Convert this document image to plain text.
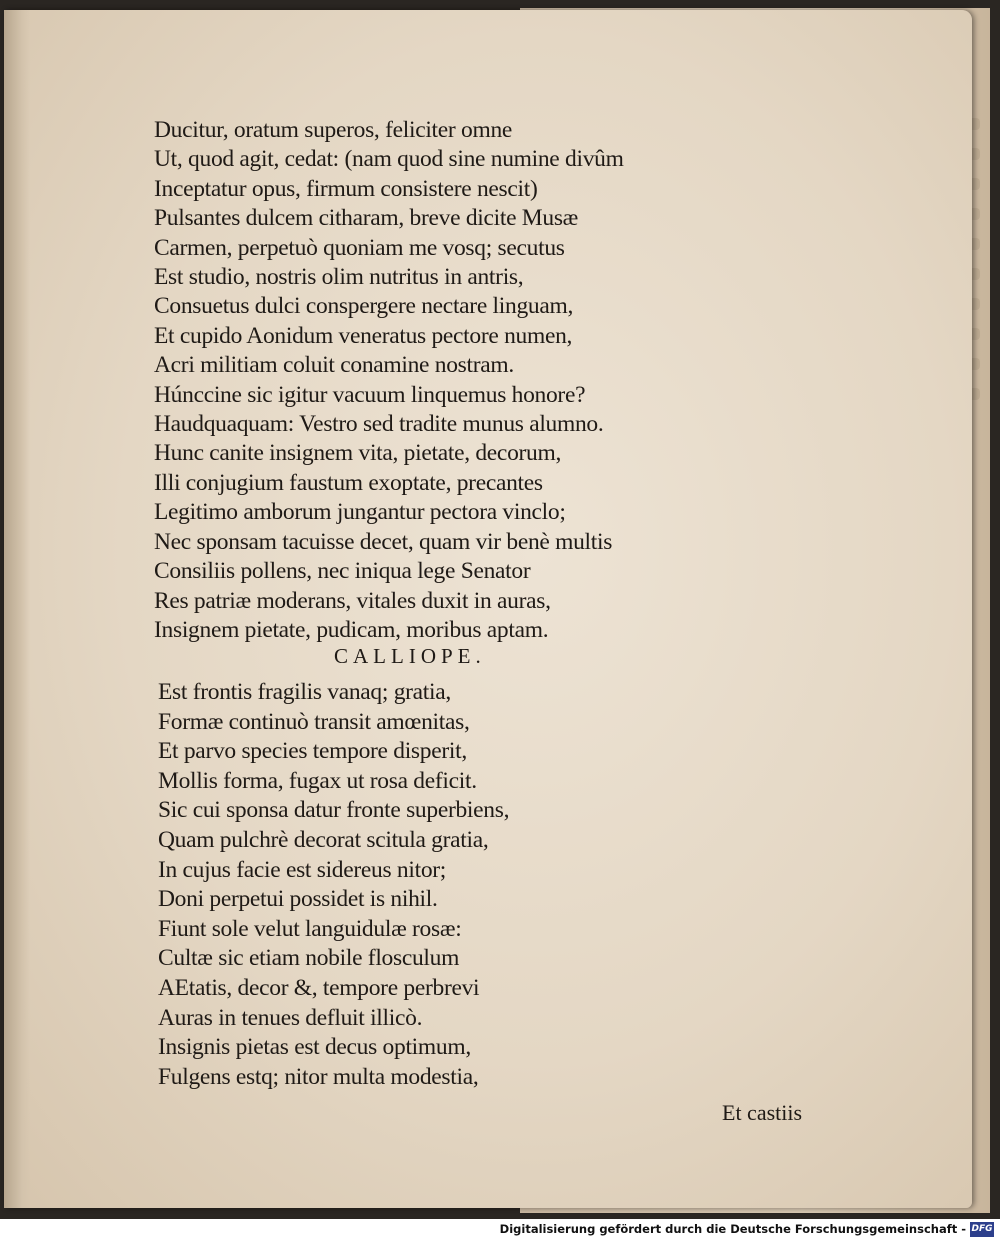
Ducitur, oratum superos, feliciter omne
Ut, quod agit, cedat: (nam quod sine numine divûm
Inceptatur opus, firmum consistere nescit)
Pulsantes dulcem citharam, breve dicite Musæ
Carmen, perpetuò quoniam me vosq; secutus
Est studio, nostris olim nutritus in antris,
Consuetus dulci conspergere nectare linguam,
Et cupido Aonidum veneratus pectore numen,
Acri militiam coluit conamine nostram.
Húnccine sic igitur vacuum linquemus honore?
Haudquaquam: Vestro sed tradite munus alumno.
Hunc canite insignem vita, pietate, decorum,
Illi conjugium faustum exoptate, precantes
Legitimo amborum jungantur pectora vinclo;
Nec sponsam tacuisse decet, quam vir benè multis
Consiliis pollens, nec iniqua lege Senator
Res patriæ moderans, vitales duxit in auras,
Insignem pietate, pudicam, moribus aptam.
CALLIOPE.
Est frontis fragilis vanaq; gratia,
Formæ continuò transit amœnitas,
Et parvo species tempore disperit,
Mollis forma, fugax ut rosa deficit.
Sic cui sponsa datur fronte superbiens,
Quam pulchrè decorat scitula gratia,
In cujus facie est sidereus nitor;
Doni perpetui possidet is nihil.
Fiunt sole velut languidulæ rosæ:
Cultæ sic etiam nobile flosculum
AEtatis, decor &, tempore perbrevi
Auras in tenues defluit illicò.
Insignis pietas est decus optimum,
Fulgens estq; nitor multa modestia,
Et castiis
Digitalisierung gefördert durch die Deutsche Forschungsgemeinschaft - DFG
